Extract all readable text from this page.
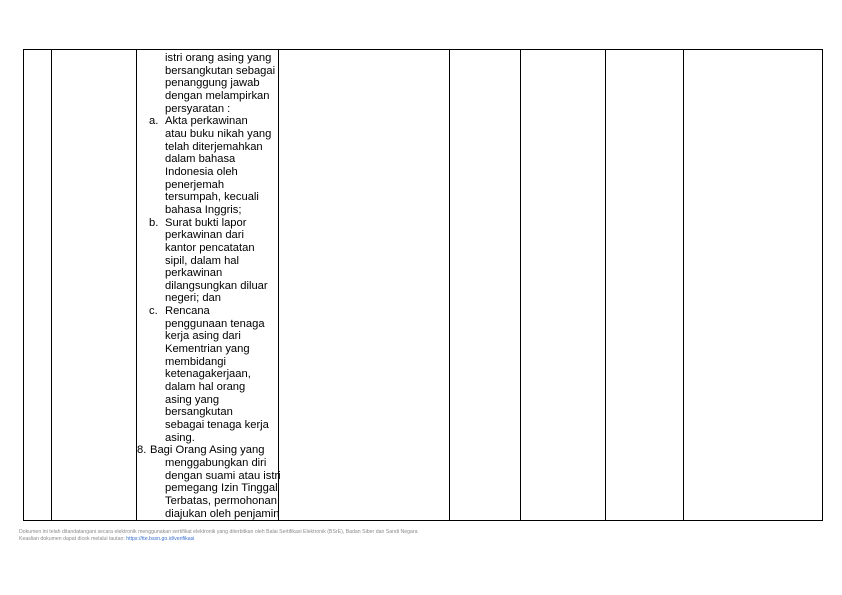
istri orang asing yang
bersangkutan sebagai
penanggung jawab
dengan melampirkan
persyaratan :
a. Akta perkawinan
atau buku nikah yang
telah diterjemahkan
dalam bahasa
Indonesia oleh
penerjemah
tersumpah, kecuali
bahasa Inggris;
b. Surat bukti lapor
perkawinan dari
kantor pencatatan
sipil, dalam hal
perkawinan
dilangsungkan diluar
negeri; dan
c. Rencana
penggunaan tenaga
kerja asing dari
Kementrian yang
membidangi
ketenagakerjaan,
dalam hal orang
asing yang
bersangkutan
sebagai tenaga kerja
asing.
8. Bagi Orang Asing yang
menggabungkan diri
dengan suami atau istri
pemegang Izin Tinggal
Terbatas, permohonan
diajukan oleh penjamin
Dokumen ini telah ditandatangani secara elektronik menggunakan sertifikat elektronik yang diterbitkan oleh Balai Sertifikasi Elektronik (BSrE), Badan Siber dan Sandi Negara
Keaslian dokumen dapat dicek melalui tautan: https://tte.bssn.go.id/verifikasi
